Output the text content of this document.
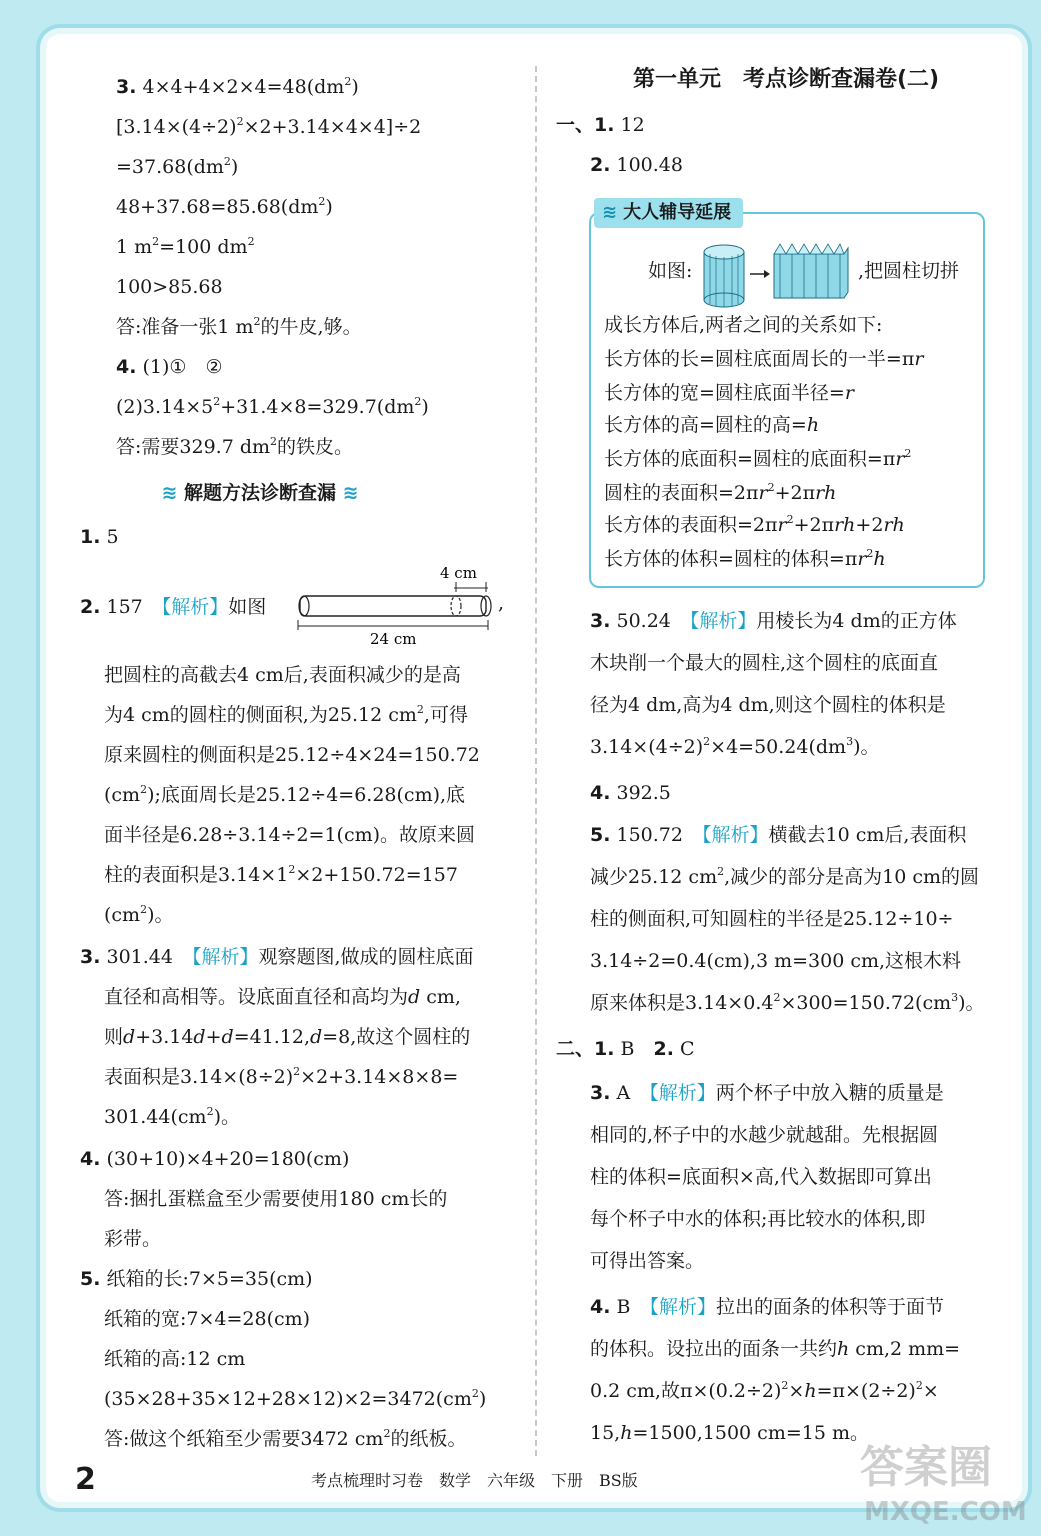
3. $4\times 4+4\times 2\times 4=48(dm^2)$
$[3.14\times(4\div 2)^2\times 2+3.14\times 4\times 4]\div 2$
$=37.68(dm^2)$
$48+37.68=85.68(dm^2)$
1 $m^2=100$ $dm^2$
100>85.68
答:准备一张1 $m^2$的牛皮,够。
4. (1)①　②
$(2)3.14\times 5^2+31.4\times 8=329.7(dm^2)$
答:需要329.7 $dm^2$的铁皮。
1. 5
2. 157　【解析】如图
把圆柱的高截去4 cm后,表面积减少的是高
为4 cm的圆柱的侧面积,为25.12 $cm^2$,可得
原来圆柱的侧面积是25.12÷4×24=150.72
$(cm^2)$;底面周长是25.12÷4=6.28(cm),底
面半径是6.28÷3.14÷2=1(cm)。故原来圆
柱的表面积是$3.14\times 1^2\times 2+150.72=157$
$(cm^2)$。
3. 301.44　【解析】观察题图,做成的圆柱底面
直径和高相等。设底面直径和高均为d cm,
则d+3.14d+d=41.12,d=8,故这个圆柱的
表面积是$3.14\times(8\div 2)^2\times 2+3.14\times 8\times 8=$
$301.44(cm^2)$。
4. (30+10)×4+20=180(cm)
答:捆扎蛋糕盒至少需要使用180 cm长的
彩带。
5. 纸箱的长:7×5=35(cm)
纸箱的宽:7×4=28(cm)
纸箱的高:12 cm
$(35\times 28+35\times 12+28\times 12)\times 2=3472(cm^2)$
答:做这个纸箱至少需要3472 $cm^2$的纸板。
≋ 解题方法诊断查漏 ≋
4 cm
24 cm
,
第一单元　考点诊断查漏卷(二)
≋ 大人辅导延展
一、1. 12
2. 100.48
如图:	,把圆柱切拼
成长方体后,两者之间的关系如下:
长方体的长=圆柱底面周长的一半=πr
长方体的宽=圆柱底面半径=r
长方体的高=圆柱的高=h
长方体的底面积=圆柱的底面积$=\pi r^2$
圆柱的表面积$=2\pi r^2+2\pi rh$
长方体的表面积$=2\pi r^2+2\pi rh+2rh$
长方体的体积=圆柱的体积$=\pi r^2h$
3. 50.24　【解析】用棱长为4 dm的正方体
木块削一个最大的圆柱,这个圆柱的底面直
径为4 dm,高为4 dm,则这个圆柱的体积是
$3.14\times(4\div 2)^2\times 4=50.24(dm^3)$。
4. 392.5
5. 150.72　【解析】横截去10 cm后,表面积
减少25.12 $cm^2$,减少的部分是高为10 cm的圆
柱的侧面积,可知圆柱的半径是25.12÷10÷
3.14÷2=0.4(cm),3 m=300 cm,这根木料
原来体积是$3.14\times 0.4^2\times 300=150.72(cm^3)$。
二、1. B　2. C
3. A　【解析】两个杯子中放入糖的质量是
相同的,杯子中的水越少就越甜。先根据圆
柱的体积=底面积×高,代入数据即可算出
每个杯子中水的体积;再比较水的体积,即
可得出答案。
4. B　【解析】拉出的面条的体积等于面节
的体积。设拉出的面条一共约h cm,2 mm=
0.2 cm,故$\pi\times(0.2\div 2)^2\times h=\pi\times(2\div 2)^2\times$
15,h=1500,1500 cm=15 m。
2	考点梳理时习卷　数学　六年级　下册　BS版	答案圈
MXQE.COM
